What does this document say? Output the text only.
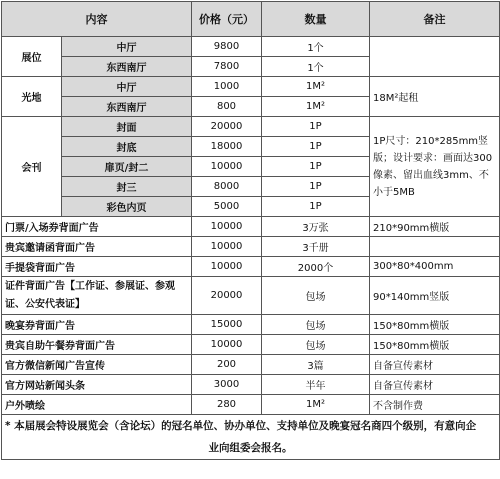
内容		价格（元）	数量	备注
展位	中厅	9800	1个	
	东西南厅	7800	1个	
光地	中厅	1000	1M²	18M²起租
	东西南厅	800	1M²	
会刊	封面	20000	1P	1P尺寸：210*285mm竖版；设计要求：画面达300像素、留出血线3mm、不小于5MB
	封底	18000	1P	
	扉页/封二	10000	1P	
	封三	8000	1P	
	彩色内页	5000	1P	
门票/入场券背面广告		10000	3万张	210*90mm横版
贵宾邀请函背面广告		10000	3千册	
手提袋背面广告		10000	2000个	300*80*400mm
证件背面广告【工作证、参展证、参观证、公安代表证】		20000	包场	90*140mm竖版
晚宴券背面广告		15000	包场	150*80mm横版
贵宾自助午餐券背面广告		10000	包场	150*80mm横版
官方微信新闻广告宣传		200	3篇	自备宣传素材
官方网站新闻头条		3000	半年	自备宣传素材
户外喷绘		280	1M²	不含制作费
* 本届展会特设展览会（含论坛）的冠名单位、协办单位、支持单位及晚宴冠名商四个级别，有意向企
业向组委会报名。				
